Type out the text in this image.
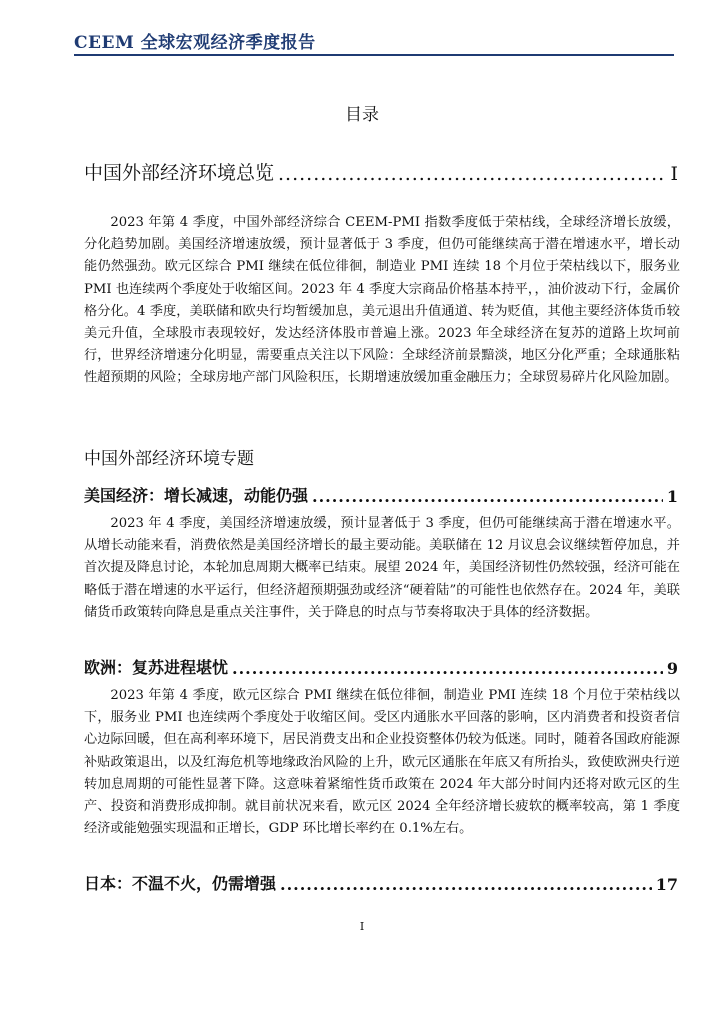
CEEM 全球宏观经济季度报告
目录
中国外部经济环境总览 .....	I

2023 年第 4 季度，中国外部经济综合 CEEM-PMI 指数季度低于荣枯线，全球经济增长放缓，分化趋势加剧。美国经济增速放缓，预计显著低于 3 季度，但仍可能继续高于潜在增速水平，增长动能仍然强劲。欧元区综合 PMI 继续在低位徘徊，制造业 PMI 连续 18 个月位于荣枯线以下，服务业 PMI 也连续两个季度处于收缩区间。2023 年 4 季度大宗商品价格基本持平，，油价波动下行，金属价格分化。4 季度，美联储和欧央行均暂缓加息，美元退出升值通道、转为贬值，其他主要经济体货币较美元升值，全球股市表现较好，发达经济体股市普遍上涨。2023 年全球经济在复苏的道路上坎坷前行，世界经济增速分化明显，需要重点关注以下风险：全球经济前景黯淡，地区分化严重；全球通胀粘性超预期的风险；全球房地产部门风险积压，长期增速放缓加重金融压力；全球贸易碎片化风险加剧。

中国外部经济环境专题
美国经济：增长减速，动能仍强 .....	1

2023 年 4 季度，美国经济增速放缓，预计显著低于 3 季度，但仍可能继续高于潜在增速水平。从增长动能来看，消费依然是美国经济增长的最主要动能。美联储在 12 月议息会议继续暂停加息，并首次提及降息讨论，本轮加息周期大概率已结束。展望 2024 年，美国经济韧性仍然较强，经济可能在略低于潜在增速的水平运行，但经济超预期强劲或经济“硬着陆”的可能性也依然存在。2024 年，美联储货币政策转向降息是重点关注事件，关于降息的时点与节奏将取决于具体的经济数据。

欧洲：复苏进程堪忧 .....	9

2023 年第 4 季度，欧元区综合 PMI 继续在低位徘徊，制造业 PMI 连续 18 个月位于荣枯线以下，服务业 PMI 也连续两个季度处于收缩区间。受区内通胀水平回落的影响，区内消费者和投资者信心边际回暖，但在高利率环境下，居民消费支出和企业投资整体仍较为低迷。同时，随着各国政府能源补贴政策退出，以及红海危机等地缘政治风险的上升，欧元区通胀在年底又有所抬头，致使欧洲央行逆转加息周期的可能性显著下降。这意味着紧缩性货币政策在 2024 年大部分时间内还将对欧元区的生产、投资和消费形成抑制。就目前状况来看，欧元区 2024 全年经济增长疲软的概率较高，第 1 季度经济或能勉强实现温和正增长，GDP 环比增长率约在 0.1%左右。

日本：不温不火，仍需增强 .....	17
I
